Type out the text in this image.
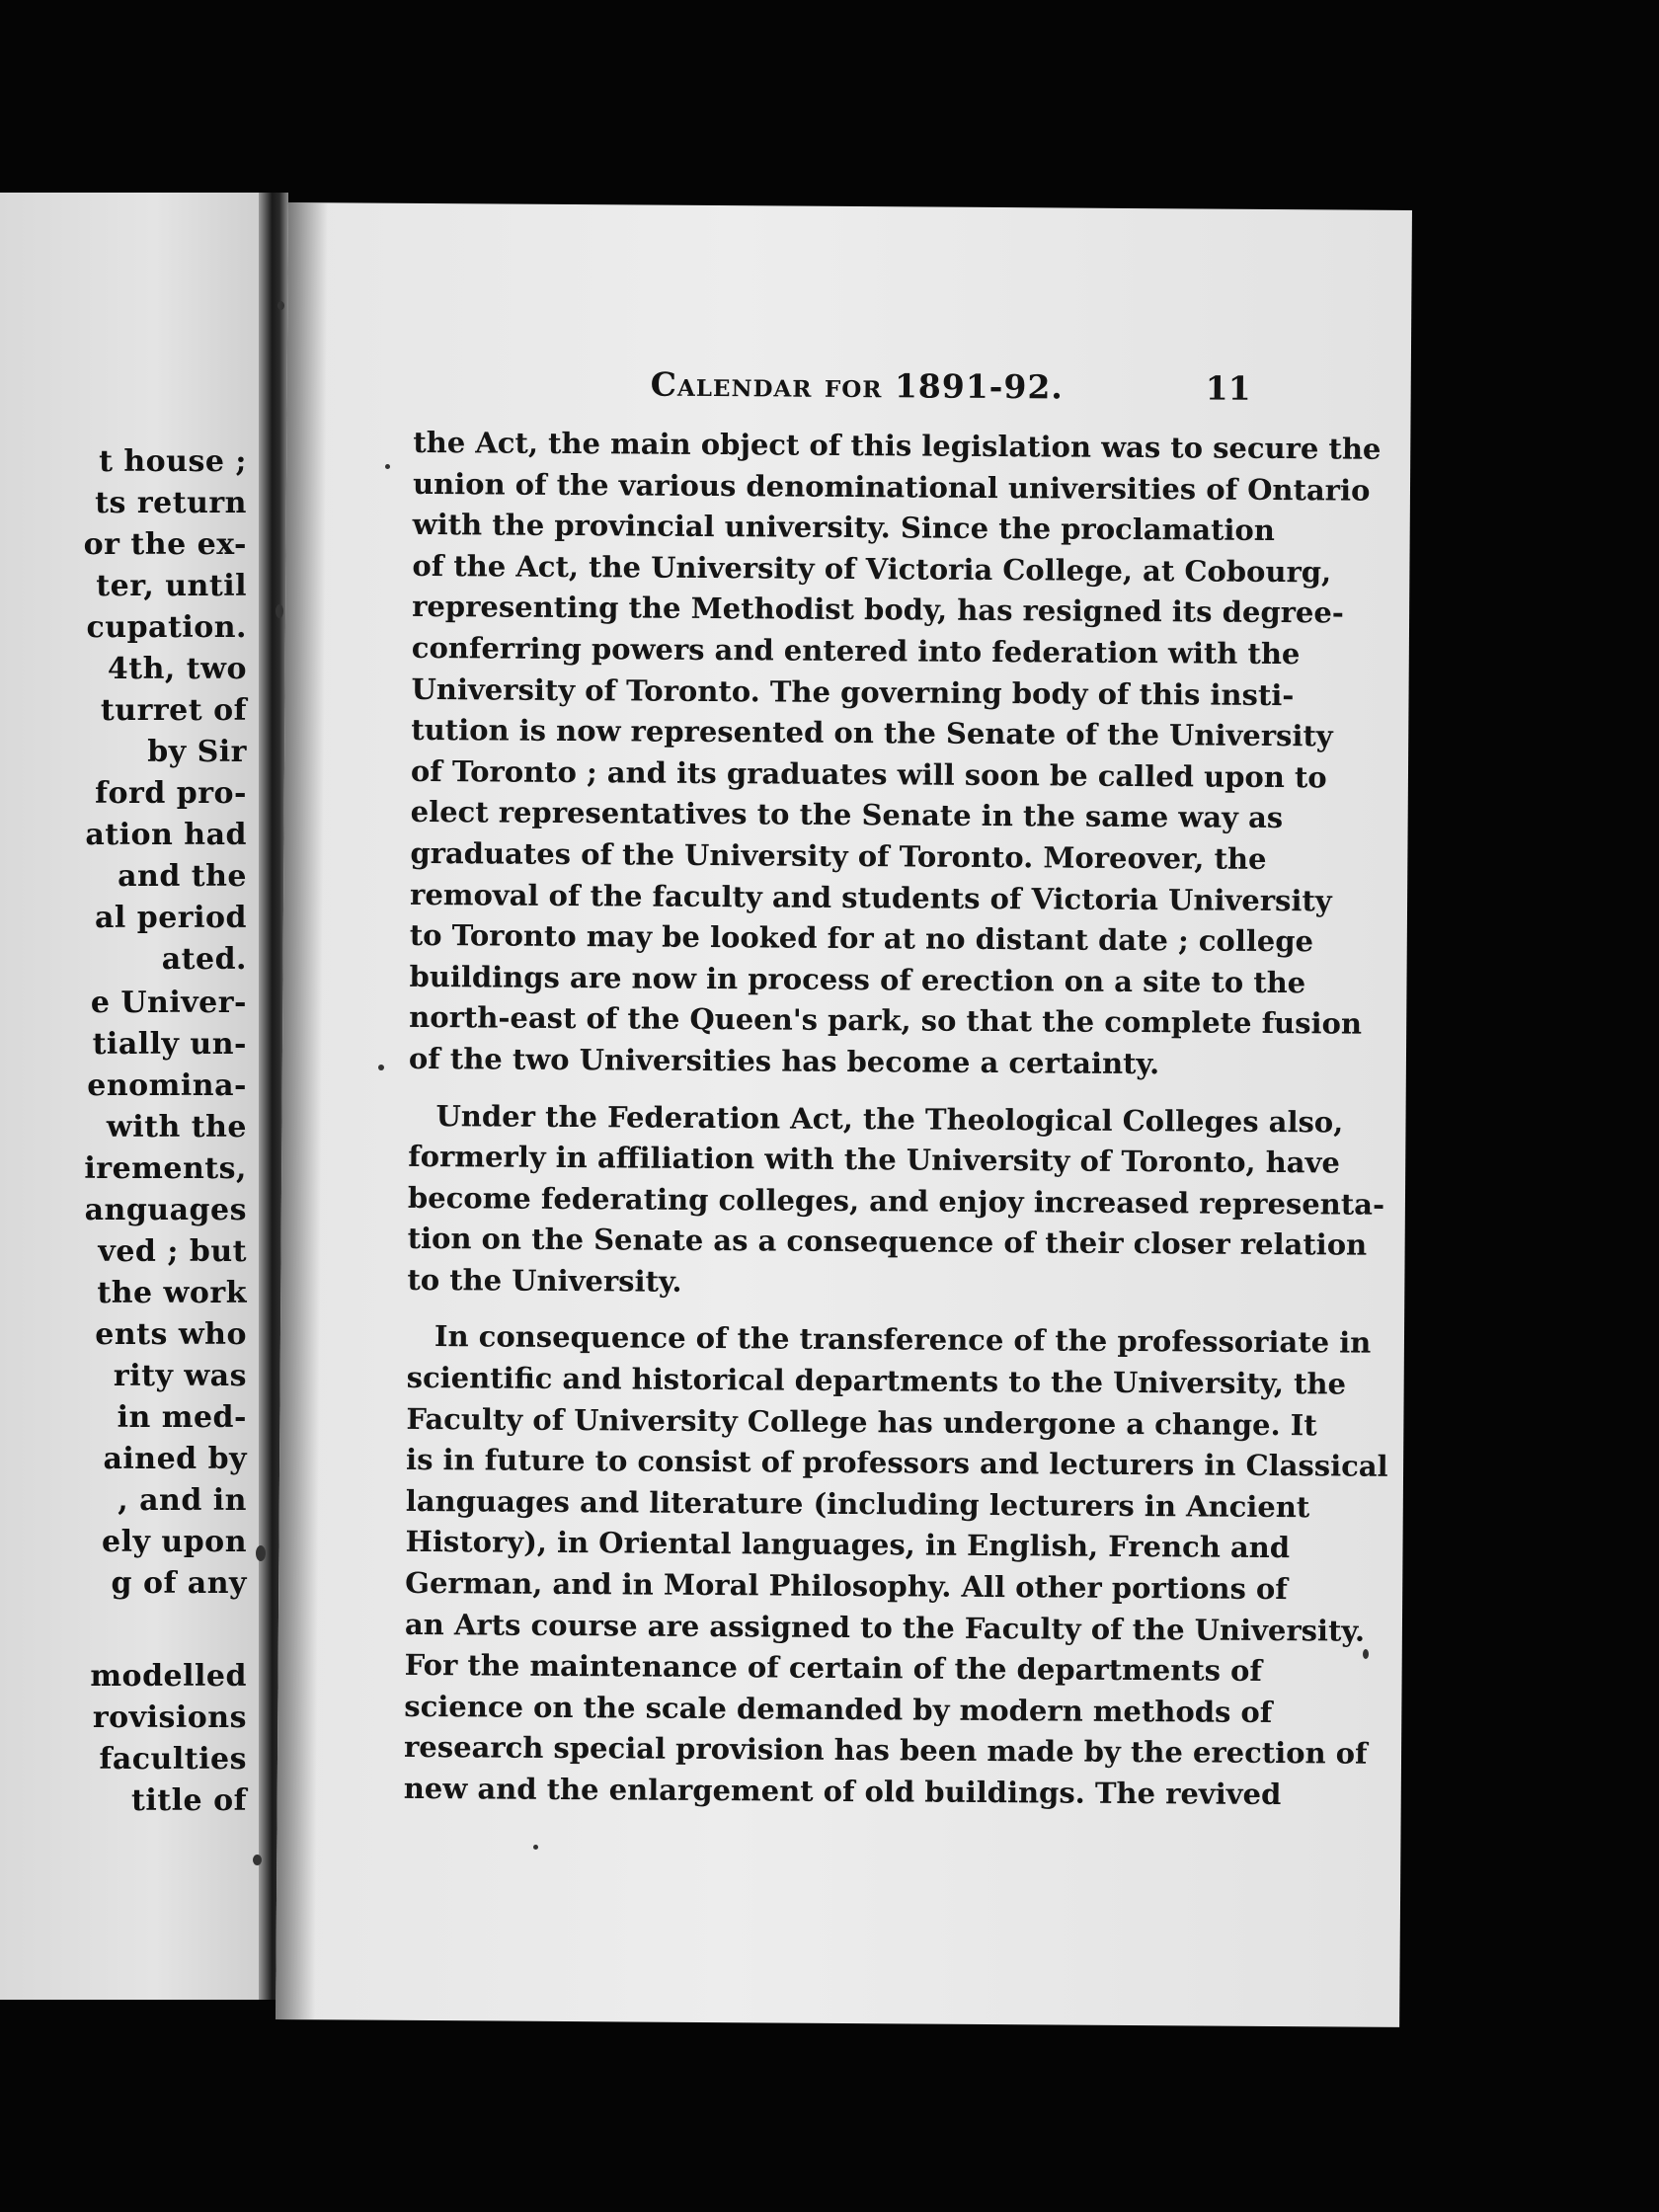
t house ;
ts return
or the ex-
ter, until
cupation.
4th, two
turret of
by Sir
ford pro-
ation had
and the
al period
ated.
e Univer-
tially un-
enomina-
with the
irements,
anguages
ved ; but
the work
ents who
rity was
in med-
ained by
, and in
ely upon
g of any
modelled
rovisions
faculties
title of
Calendar for 1891-92.	11
the Act, the main object of this legislation was to secure the
union of the various denominational universities of Ontario
with the provincial university. Since the proclamation
of the Act, the University of Victoria College, at Cobourg,
representing the Methodist body, has resigned its degree-
conferring powers and entered into federation with the
University of Toronto. The governing body of this insti-
tution is now represented on the Senate of the University
of Toronto ; and its graduates will soon be called upon to
elect representatives to the Senate in the same way as
graduates of the University of Toronto. Moreover, the
removal of the faculty and students of Victoria University
to Toronto may be looked for at no distant date ; college
buildings are now in process of erection on a site to the
north-east of the Queen's park, so that the complete fusion
of the two Universities has become a certainty.
Under the Federation Act, the Theological Colleges also,
formerly in affiliation with the University of Toronto, have
become federating colleges, and enjoy increased representa-
tion on the Senate as a consequence of their closer relation
to the University.
In consequence of the transference of the professoriate in
scientific and historical departments to the University, the
Faculty of University College has undergone a change. It
is in future to consist of professors and lecturers in Classical
languages and literature (including lecturers in Ancient
History), in Oriental languages, in English, French and
German, and in Moral Philosophy. All other portions of
an Arts course are assigned to the Faculty of the University.
For the maintenance of certain of the departments of
science on the scale demanded by modern methods of
research special provision has been made by the erection of
new and the enlargement of old buildings. The revived
